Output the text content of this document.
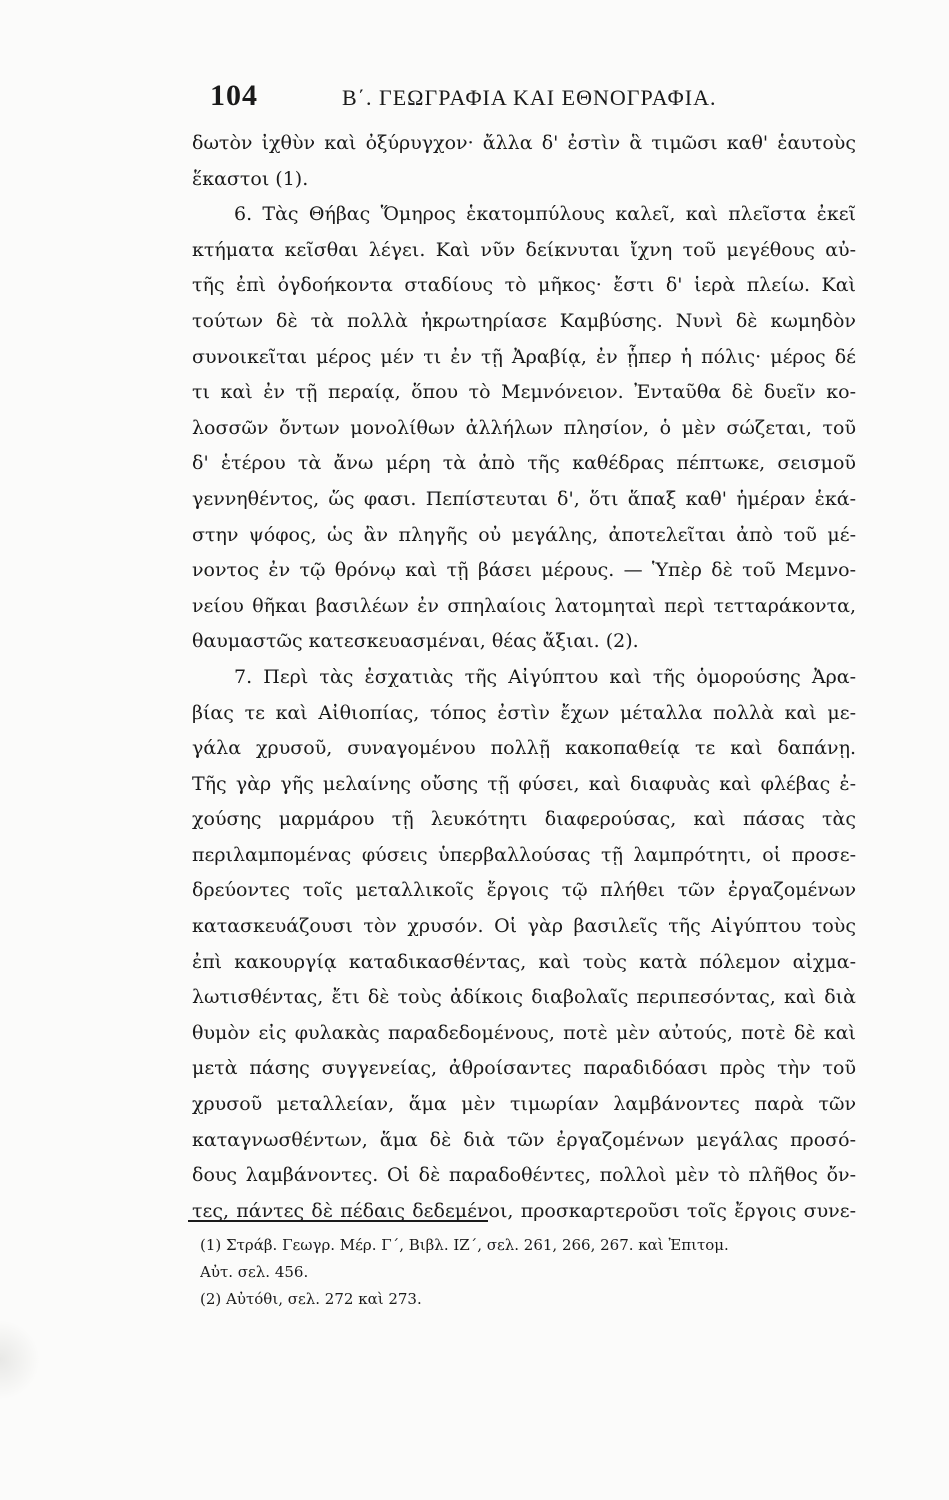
104	Β΄. ΓΕΩΓΡΑΦΙΑ ΚΑΙ ΕΘΝΟΓΡΑΦΙΑ.
δωτὸν ἰχθὺν καὶ ὀξύρυγχον· ἄλλα δ' ἐστὶν ἃ τιμῶσι καθ' ἑαυτοὺς
ἕκαστοι (1).
6. Τὰς Θήβας Ὅμηρος ἑκατομπύλους καλεῖ, καὶ πλεῖστα ἐκεῖ
κτήματα κεῖσθαι λέγει. Καὶ νῦν δείκνυται ἴχνη τοῦ μεγέθους αὐ-
τῆς ἐπὶ ὀγδοήκοντα σταδίους τὸ μῆκος· ἔστι δ' ἱερὰ πλείω. Καὶ
τούτων δὲ τὰ πολλὰ ἠκρωτηρίασε Καμβύσης. Νυνὶ δὲ κωμηδὸν
συνοικεῖται μέρος μέν τι ἐν τῇ Ἀραβίᾳ, ἐν ᾗπερ ἡ πόλις· μέρος δέ
τι καὶ ἐν τῇ περαίᾳ, ὅπου τὸ Μεμνόνειον. Ἐνταῦθα δὲ δυεῖν κο-
λοσσῶν ὄντων μονολίθων ἀλλήλων πλησίον, ὁ μὲν σώζεται, τοῦ
δ' ἑτέρου τὰ ἄνω μέρη τὰ ἀπὸ τῆς καθέδρας πέπτωκε, σεισμοῦ
γεννηθέντος, ὥς φασι. Πεπίστευται δ', ὅτι ἅπαξ καθ' ἡμέραν ἑκά-
στην ψόφος, ὡς ἂν πληγῆς οὐ μεγάλης, ἀποτελεῖται ἀπὸ τοῦ μέ-
νοντος ἐν τῷ θρόνῳ καὶ τῇ βάσει μέρους. — Ὑπὲρ δὲ τοῦ Μεμνο-
νείου θῆκαι βασιλέων ἐν σπηλαίοις λατομηταὶ περὶ τετταράκοντα,
θαυμαστῶς κατεσκευασμέναι, θέας ἄξιαι. (2).
7. Περὶ τὰς ἐσχατιὰς τῆς Αἰγύπτου καὶ τῆς ὁμορούσης Ἀρα-
βίας τε καὶ Αἰθιοπίας, τόπος ἐστὶν ἔχων μέταλλα πολλὰ καὶ με-
γάλα χρυσοῦ, συναγομένου πολλῇ κακοπαθείᾳ τε καὶ δαπάνῃ.
Τῆς γὰρ γῆς μελαίνης οὔσης τῇ φύσει, καὶ διαφυὰς καὶ φλέβας ἐ-
χούσης μαρμάρου τῇ λευκότητι διαφερούσας, καὶ πάσας τὰς
περιλαμπομένας φύσεις ὑπερβαλλούσας τῇ λαμπρότητι, οἱ προσε-
δρεύοντες τοῖς μεταλλικοῖς ἔργοις τῷ πλήθει τῶν ἐργαζομένων
κατασκευάζουσι τὸν χρυσόν. Οἱ γὰρ βασιλεῖς τῆς Αἰγύπτου τοὺς
ἐπὶ κακουργίᾳ καταδικασθέντας, καὶ τοὺς κατὰ πόλεμον αἰχμα-
λωτισθέντας, ἔτι δὲ τοὺς ἀδίκοις διαβολαῖς περιπεσόντας, καὶ διὰ
θυμὸν εἰς φυλακὰς παραδεδομένους, ποτὲ μὲν αὐτούς, ποτὲ δὲ καὶ
μετὰ πάσης συγγενείας, ἀθροίσαντες παραδιδόασι πρὸς τὴν τοῦ
χρυσοῦ μεταλλείαν, ἅμα μὲν τιμωρίαν λαμβάνοντες παρὰ τῶν
καταγνωσθέντων, ἅμα δὲ διὰ τῶν ἐργαζομένων μεγάλας προσό-
δους λαμβάνοντες. Οἱ δὲ παραδοθέντες, πολλοὶ μὲν τὸ πλῆθος ὄν-
τες, πάντες δὲ πέδαις δεδεμένοι, προσκαρτεροῦσι τοῖς ἔργοις συνε-
(1) Στράβ. Γεωγρ. Μέρ. Γ΄, Βιβλ. ΙΖ΄, σελ. 261, 266, 267. καὶ Ἐπιτομ.
Αὐτ. σελ. 456.
(2) Αὐτόθι, σελ. 272 καὶ 273.
